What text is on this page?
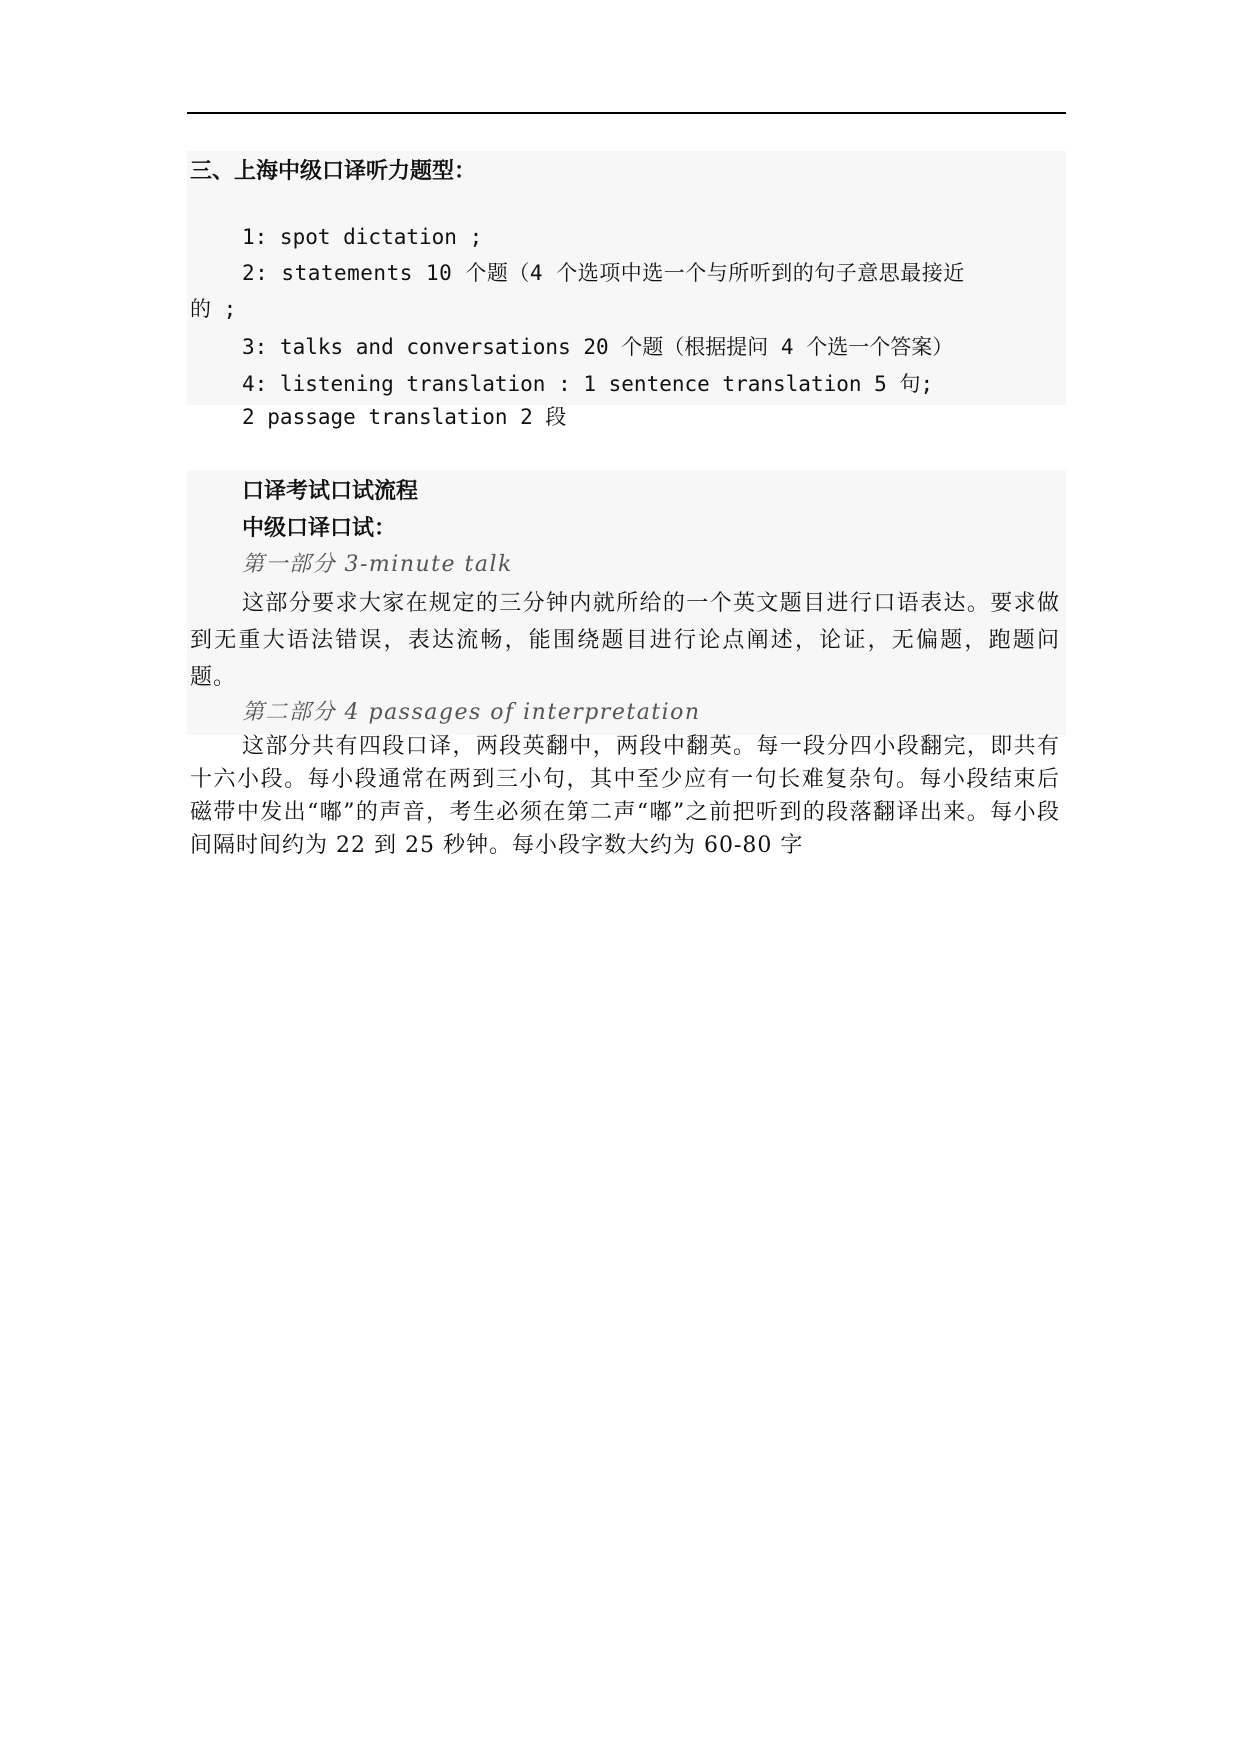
三、上海中级口译听力题型：
1: spot dictation ;
2: statements 10 个题（4 个选项中选一个与所听到的句子意思最接近
的 ;
3: talks and conversations 20 个题（根据提问 4 个选一个答案）
4: listening translation : 1 sentence translation 5 句;
2 passage translation 2 段
口译考试口试流程
中级口译口试：
第一部分 3-minute talk
这部分要求大家在规定的三分钟内就所给的一个英文题目进行口语表达。要求做到无重大语法错误，表达流畅，能围绕题目进行论点阐述，论证，无偏题，跑题问题。
第二部分 4 passages of interpretation
这部分共有四段口译，两段英翻中，两段中翻英。每一段分四小段翻完，即共有十六小段。每小段通常在两到三小句，其中至少应有一句长难复杂句。每小段结束后磁带中发出“嘟”的声音，考生必须在第二声“嘟”之前把听到的段落翻译出来。每小段间隔时间约为 22 到 25 秒钟。每小段字数大约为 60-80 字
